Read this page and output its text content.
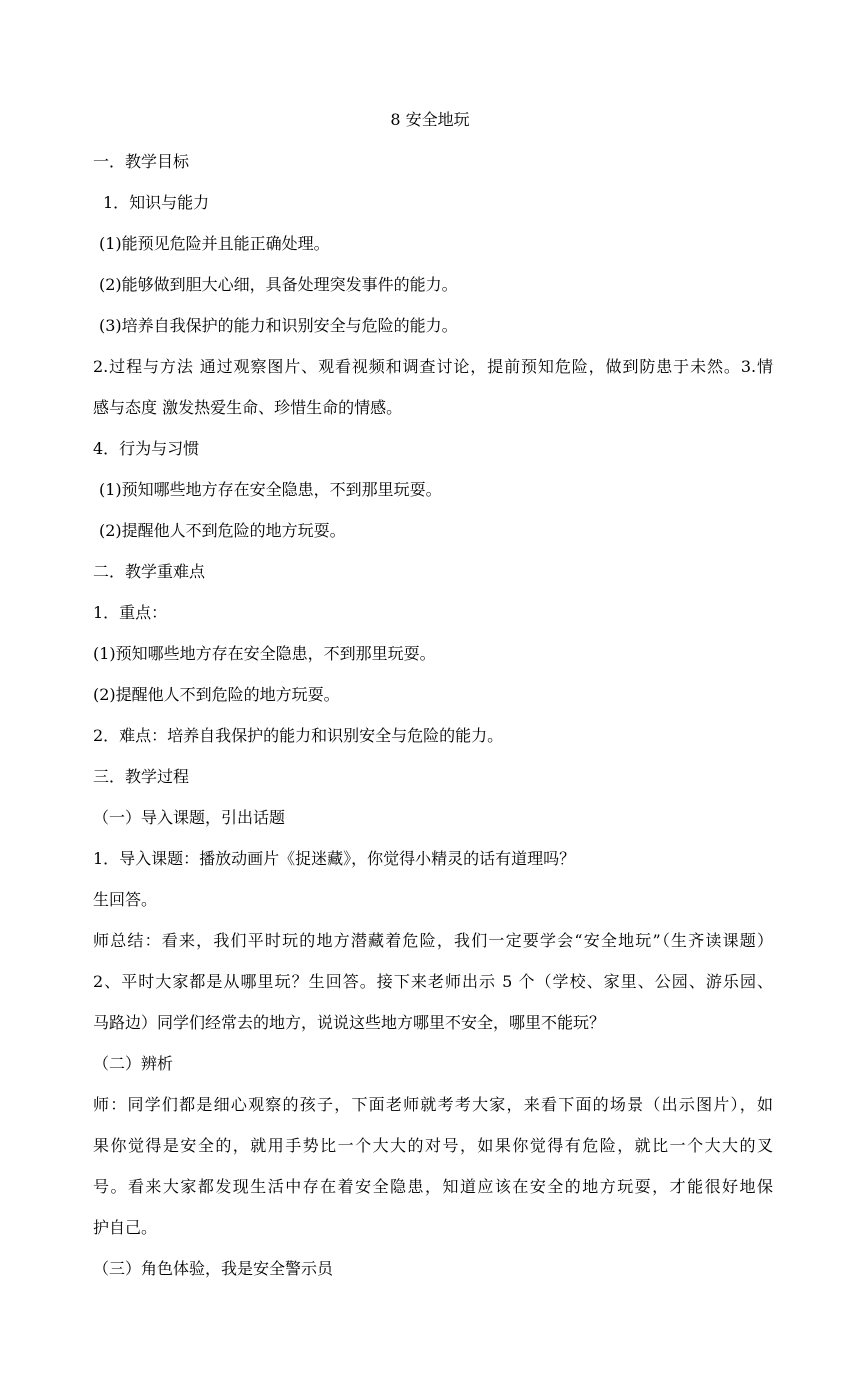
8 安全地玩
一．教学目标
1．知识与能力
(1)能预见危险并且能正确处理。
(2)能够做到胆大心细，具备处理突发事件的能力。
(3)培养自我保护的能力和识别安全与危险的能力。
2.过程与方法 通过观察图片、观看视频和调查讨论，提前预知危险，做到防患于未然。3.情
感与态度 激发热爱生命、珍惜生命的情感。
4．行为与习惯
(1)预知哪些地方存在安全隐患，不到那里玩耍。
(2)提醒他人不到危险的地方玩耍。
二．教学重难点
1．重点：
(1)预知哪些地方存在安全隐患，不到那里玩耍。
(2)提醒他人不到危险的地方玩耍。
2．难点：培养自我保护的能力和识别安全与危险的能力。
三．教学过程
（一）导入课题，引出话题
1．导入课题：播放动画片《捉迷藏》，你觉得小精灵的话有道理吗？
生回答。
师总结：看来，我们平时玩的地方潜藏着危险，我们一定要学会“安全地玩”（生齐读课题）
2、平时大家都是从哪里玩？生回答。接下来老师出示 5 个（学校、家里、公园、游乐园、
马路边）同学们经常去的地方，说说这些地方哪里不安全，哪里不能玩？
（二）辨析
师：同学们都是细心观察的孩子，下面老师就考考大家，来看下面的场景（出示图片），如
果你觉得是安全的，就用手势比一个大大的对号，如果你觉得有危险，就比一个大大的叉
号。看来大家都发现生活中存在着安全隐患，知道应该在安全的地方玩耍，才能很好地保
护自己。
（三）角色体验，我是安全警示员
